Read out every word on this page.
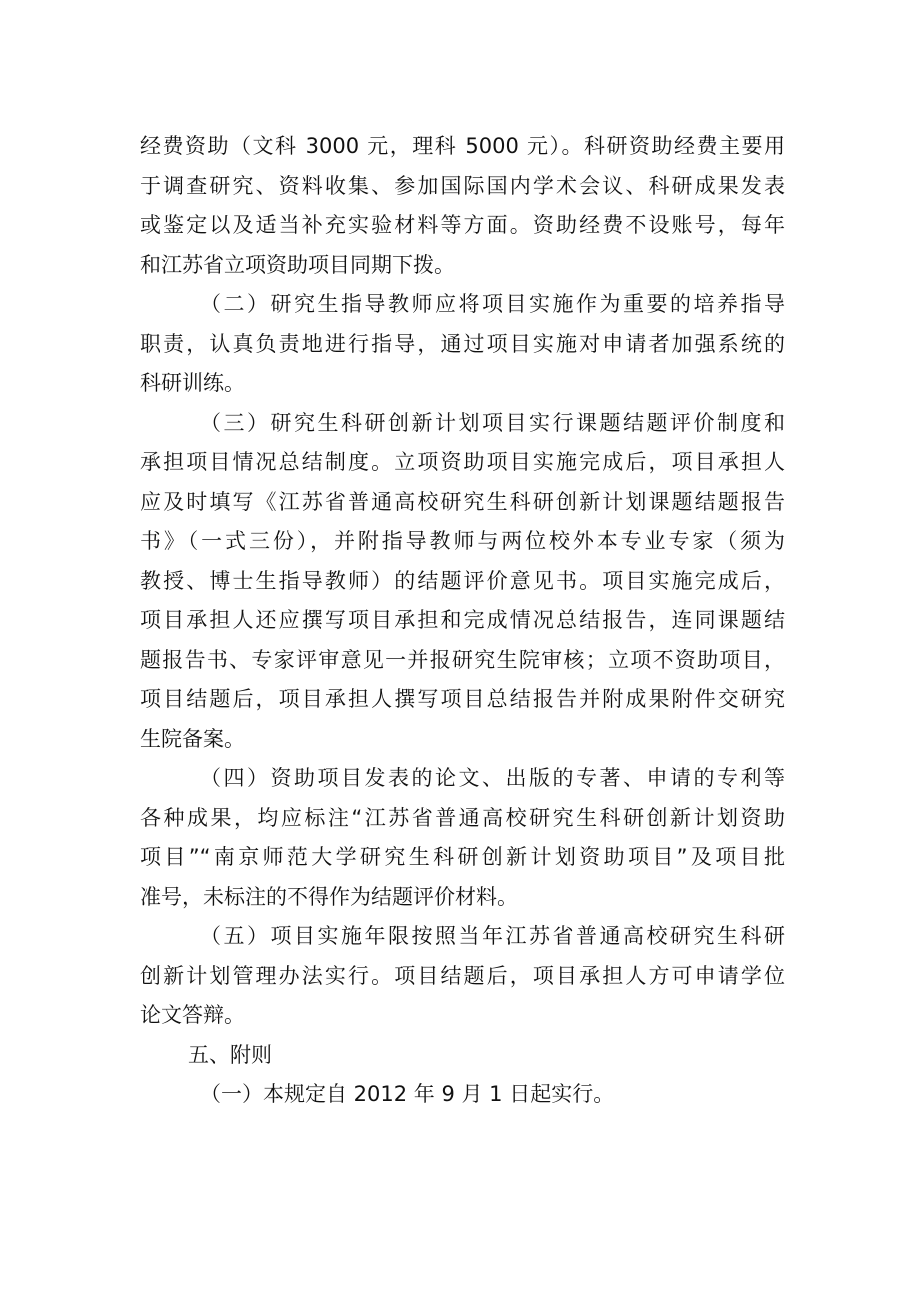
经费资助（文科 3000 元，理科 5000 元）。科研资助经费主要用
于调查研究、资料收集、参加国际国内学术会议、科研成果发表
或鉴定以及适当补充实验材料等方面。资助经费不设账号，每年
和江苏省立项资助项目同期下拨。
（二）研究生指导教师应将项目实施作为重要的培养指导
职责，认真负责地进行指导，通过项目实施对申请者加强系统的
科研训练。
（三）研究生科研创新计划项目实行课题结题评价制度和
承担项目情况总结制度。立项资助项目实施完成后，项目承担人
应及时填写《江苏省普通高校研究生科研创新计划课题结题报告
书》（一式三份），并附指导教师与两位校外本专业专家（须为
教授、博士生指导教师）的结题评价意见书。项目实施完成后，
项目承担人还应撰写项目承担和完成情况总结报告，连同课题结
题报告书、专家评审意见一并报研究生院审核；立项不资助项目，
项目结题后，项目承担人撰写项目总结报告并附成果附件交研究
生院备案。
（四）资助项目发表的论文、出版的专著、申请的专利等
各种成果，均应标注“江苏省普通高校研究生科研创新计划资助
项目”“南京师范大学研究生科研创新计划资助项目”及项目批
准号，未标注的不得作为结题评价材料。
（五）项目实施年限按照当年江苏省普通高校研究生科研
创新计划管理办法实行。项目结题后，项目承担人方可申请学位
论文答辩。
五、附则
（一）本规定自 2012 年 9 月 1 日起实行。
